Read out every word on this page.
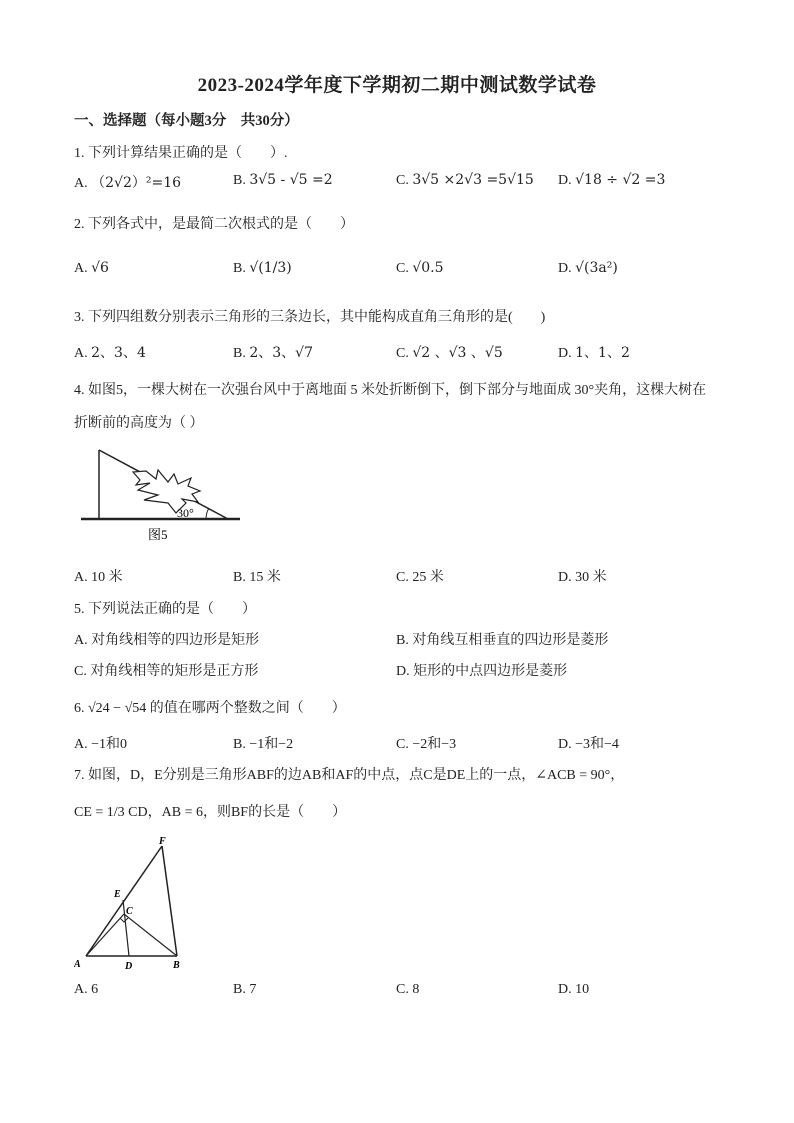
2023-2024学年度下学期初二期中测试数学试卷
一、选择题（每小题3分　共30分）
1. 下列计算结果正确的是（　　）.
A. （2√2）²=16	B. 3√5 - √5 =2	C. 3√5 ×2√3 =5√15 D. √18 ÷ √2 =3
2. 下列各式中，是最简二次根式的是（　　）
A. √6	B. √(1/3)	C. √0.5	D. √(3a²)
3. 下列四组数分别表示三角形的三条边长，其中能构成直角三角形的是(　　)
A. 2、3、4	B. 2、3、√7	C. √2 、√3 、√5	D. 1、1、2
4. 如图5，一棵大树在一次强台风中于离地面 5 米处折断倒下，倒下部分与地面成 30°夹角，这棵大树在
折断前的高度为（ ）
30°
图5
A. 10 米	B. 15 米	C. 25 米	D. 30 米
5. 下列说法正确的是（　　）
A. 对角线相等的四边形是矩形	B. 对角线互相垂直的四边形是菱形
C. 对角线相等的矩形是正方形	D. 矩形的中点四边形是菱形
6. √24 − √54 的值在哪两个整数之间（　　）
A. −1和0	B. −1和−2	C. −2和−3	D. −3和−4
7. 如图，D，E分别是三角形ABF的边AB和AF的中点，点C是DE上的一点，∠ACB = 90°，
CE = 1/3 CD，AB = 6，则BF的长是（　　）
F
E
C
A	D	B
A. 6	B. 7	C. 8	D. 10
